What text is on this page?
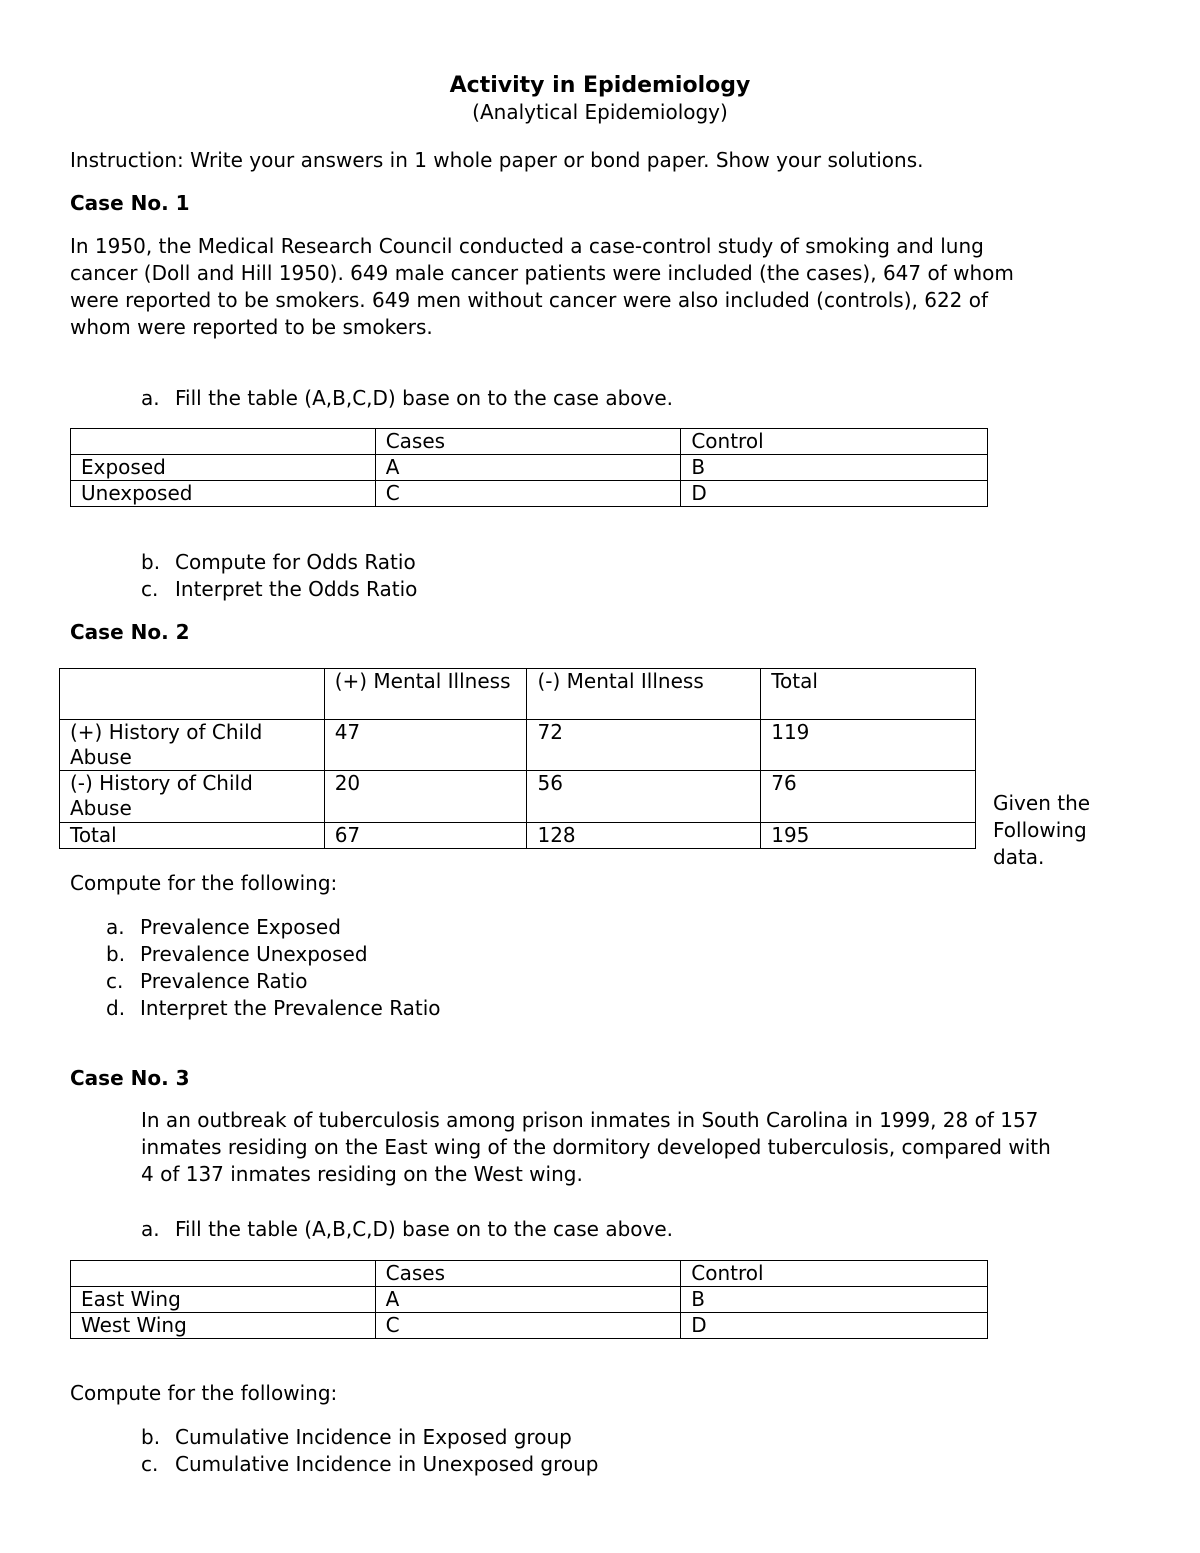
Activity in Epidemiology
(Analytical Epidemiology)
Instruction: Write your answers in 1 whole paper or bond paper. Show your solutions.
Case No. 1
In 1950, the Medical Research Council conducted a case-control study of smoking and lung
cancer (Doll and Hill 1950). 649 male cancer patients were included (the cases), 647 of whom
were reported to be smokers. 649 men without cancer were also included (controls), 622 of
whom were reported to be smokers.
a. Fill the table (A,B,C,D) base on to the case above.
	Cases	Control
Exposed	A	B
Unexposed	C	D
b. Compute for Odds Ratio
c. Interpret the Odds Ratio
Case No. 2
	(+) Mental Illness	(-) Mental Illness	Total
(+) History of Child Abuse	47	72	119
(-) History of Child Abuse	20	56	76
Total	67	128	195
Given the
Following
data.
Compute for the following:
a. Prevalence Exposed
b. Prevalence Unexposed
c. Prevalence Ratio
d. Interpret the Prevalence Ratio
Case No. 3
In an outbreak of tuberculosis among prison inmates in South Carolina in 1999, 28 of 157
inmates residing on the East wing of the dormitory developed tuberculosis, compared with
4 of 137 inmates residing on the West wing.
a. Fill the table (A,B,C,D) base on to the case above.
	Cases	Control
East Wing	A	B
West Wing	C	D
Compute for the following:
b. Cumulative Incidence in Exposed group
c. Cumulative Incidence in Unexposed group
